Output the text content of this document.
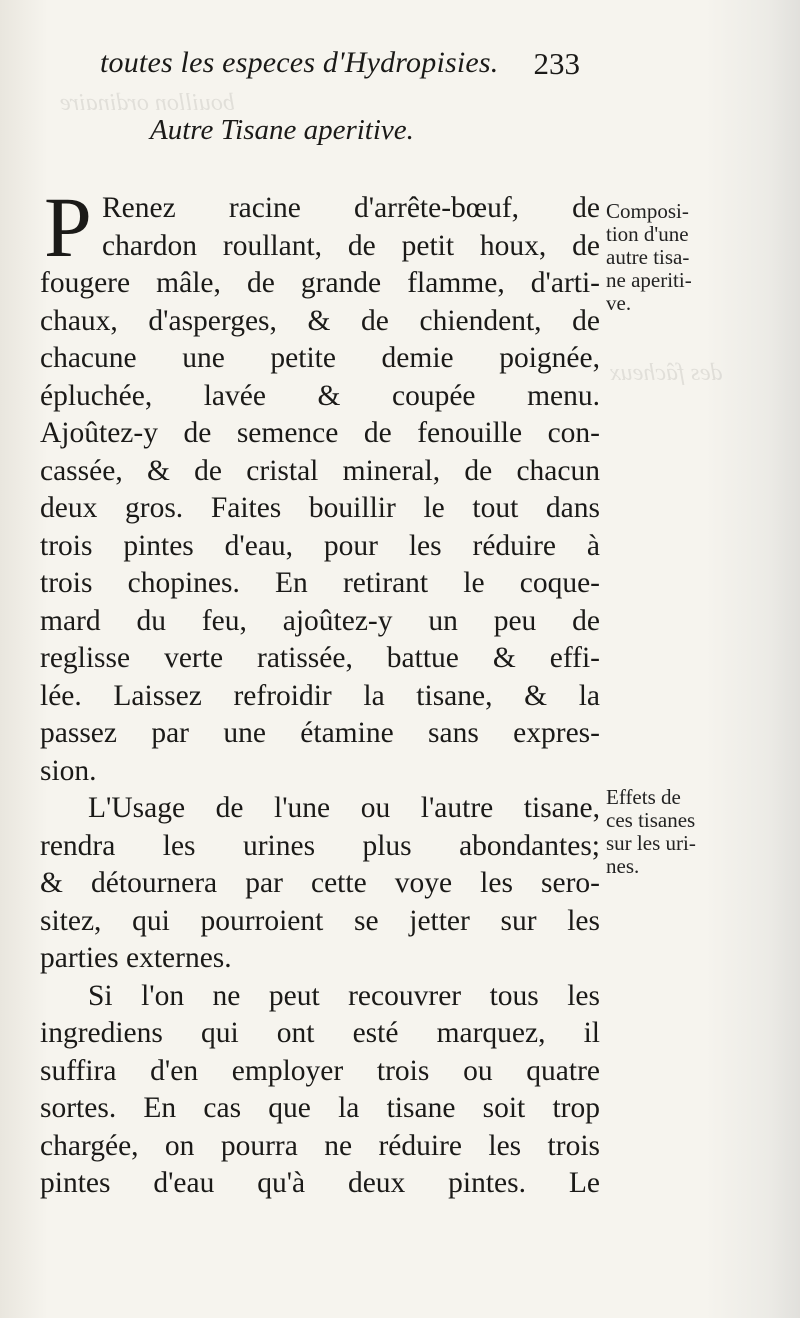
bouillon ordinaire
des fâcheux
toutes les especes d'Hydropisies. 233
Autre Tisane aperitive.
P Renez racine d'arrête-bœuf, de
chardon roullant, de petit houx, de
fougere mâle, de grande flamme, d'arti-
chaux, d'asperges, & de chiendent, de
chacune une petite demie poignée,
épluchée, lavée & coupée menu.
Ajoûtez-y de semence de fenouille con-
cassée, & de cristal mineral, de chacun
deux gros. Faites bouillir le tout dans
trois pintes d'eau, pour les réduire à
trois chopines. En retirant le coque-
mard du feu, ajoûtez-y un peu de
reglisse verte ratissée, battue & effi-
lée. Laissez refroidir la tisane, & la
passez par une étamine sans expres-
sion.
L'Usage de l'une ou l'autre tisane,
rendra les urines plus abondantes;
& détournera par cette voye les sero-
sitez, qui pourroient se jetter sur les
parties externes.
Si l'on ne peut recouvrer tous les
ingrediens qui ont esté marquez, il
suffira d'en employer trois ou quatre
sortes. En cas que la tisane soit trop
chargée, on pourra ne réduire les trois
pintes d'eau qu'à deux pintes. Le
Composi-
tion d'une
autre tisa-
ne aperiti-
ve.
Effets de
ces tisanes
sur les uri-
nes.
